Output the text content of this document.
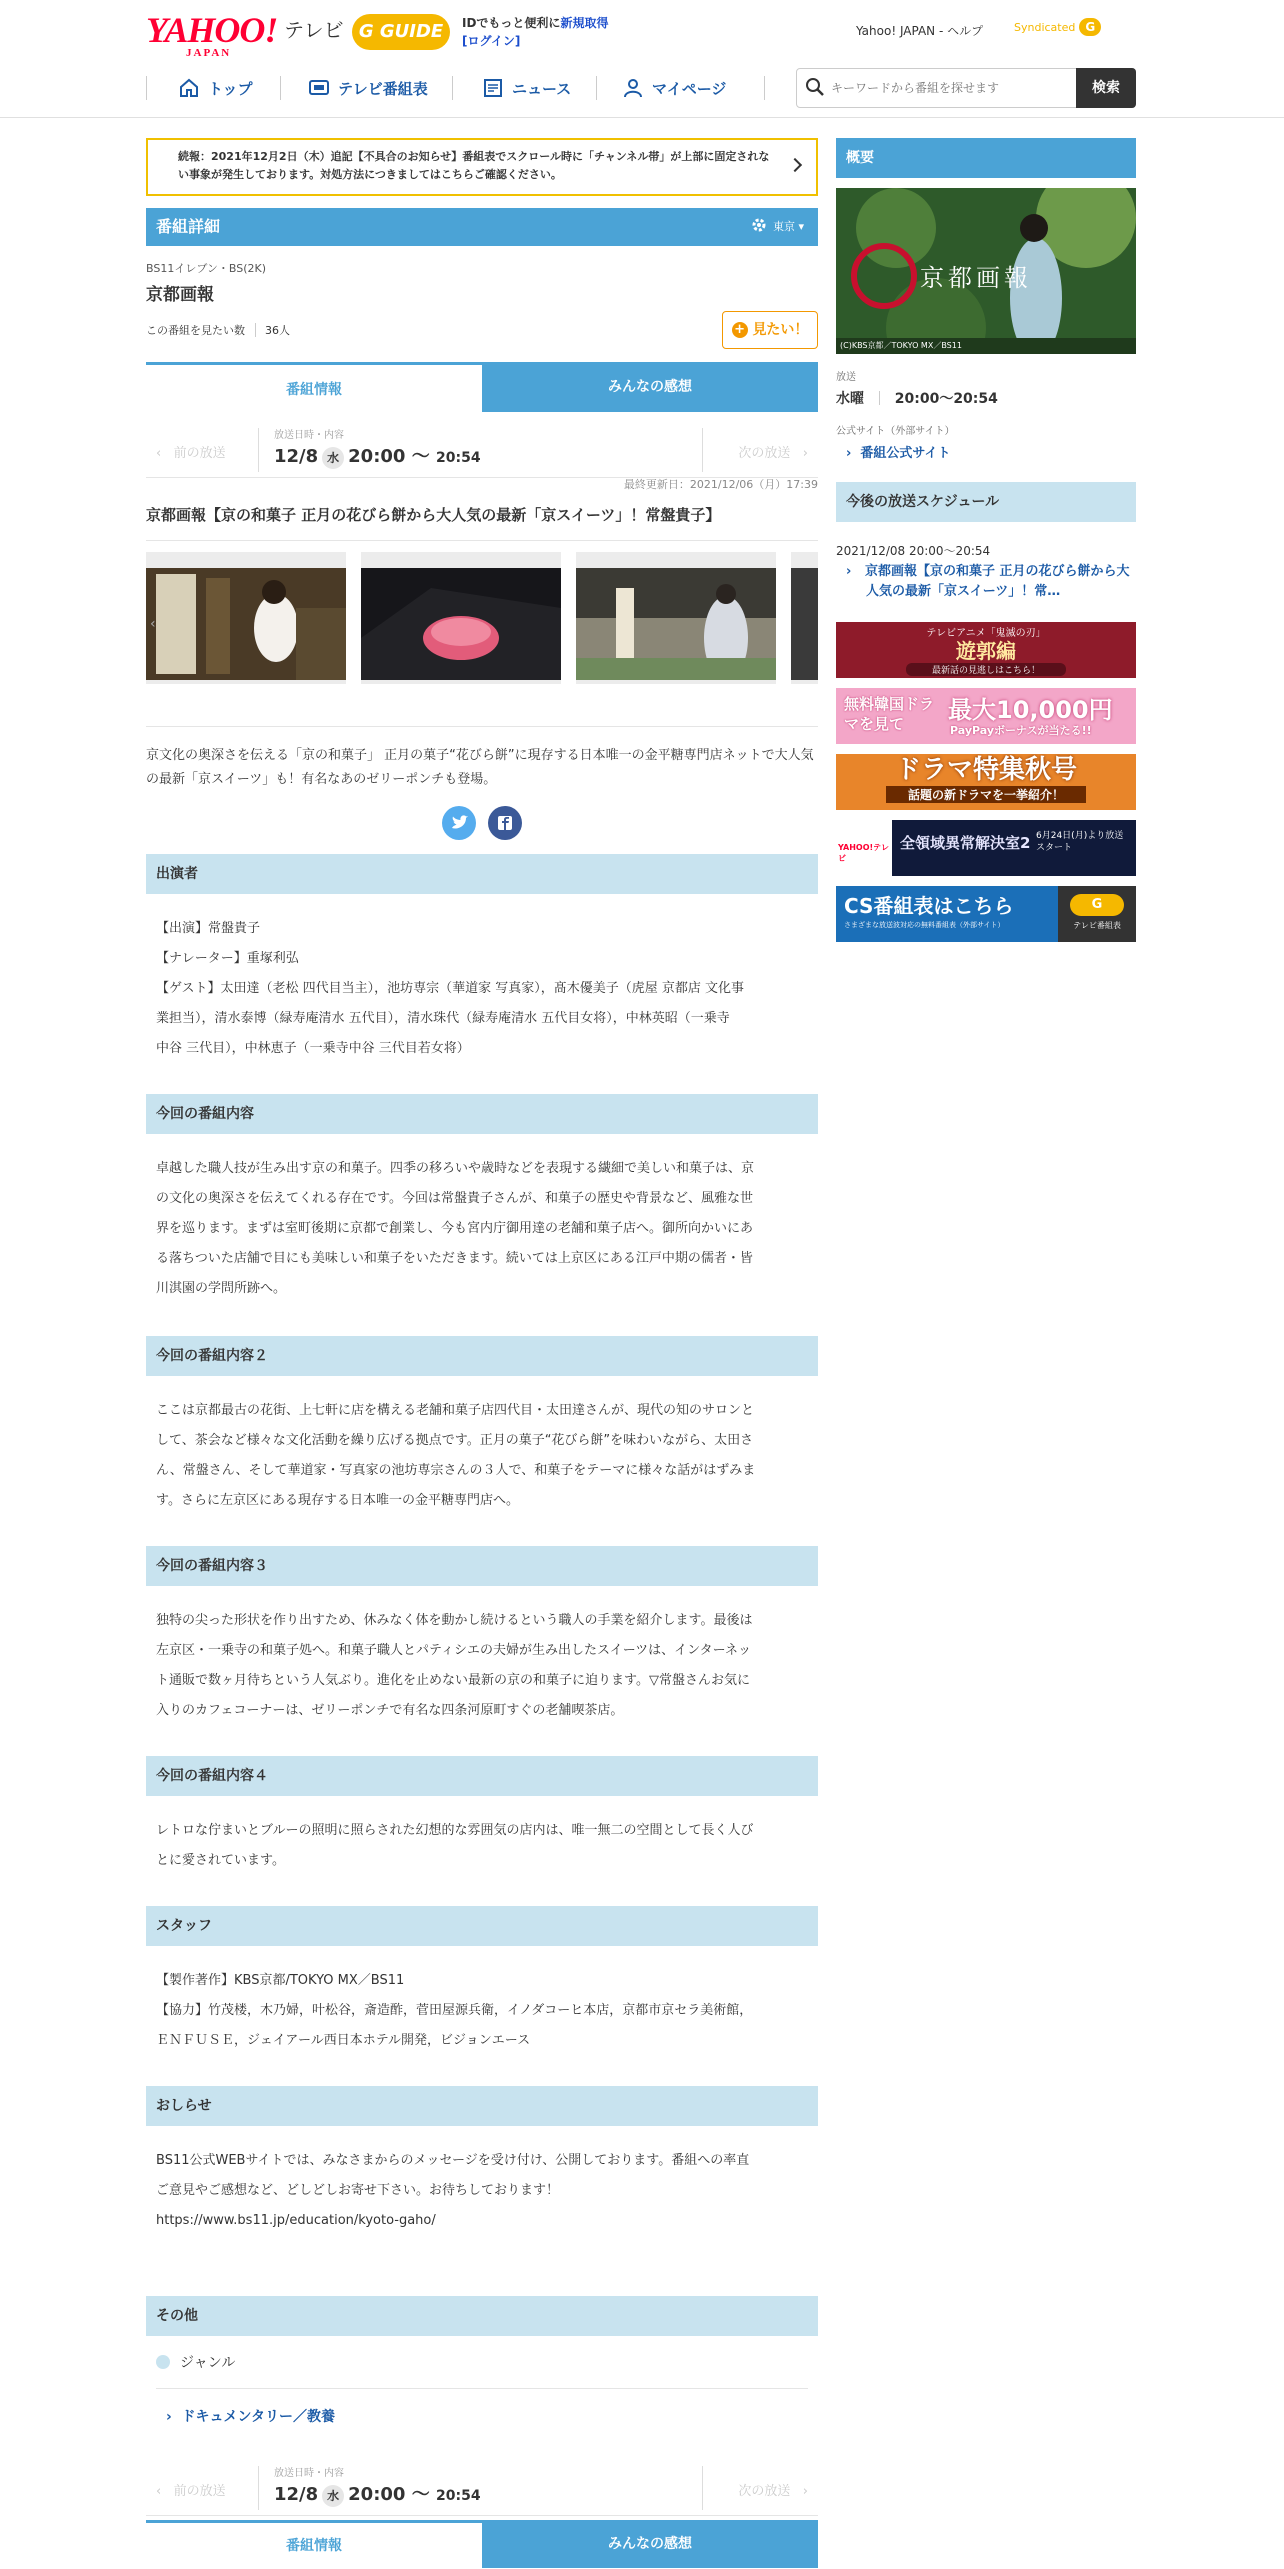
YAHOO!
JAPAN
テレビ G GUIDE	IDでもっと便利に新規取得
[ログイン]
Yahoo! JAPAN - ヘルプ	Syndicated G
トップ	テレビ番組表	ニュース	マイページ
キーワードから番組を探せます	検索
続報：2021年12月2日（木）追記【不具合のお知らせ】番組表でスクロール時に「チャンネル帯」が上部に固定されない事象が発生しております。対処方法につきましてはこちらご確認ください。
番組詳細	東京 ▾
BS11イレブン・BS(2K)
京都画報
この番組を見たい数 36人	+ 見たい！
番組情報	みんなの感想
‹   前の放送
放送日時・内容
12/8 水 20:00 〜 20:54	次の放送   ›
最終更新日：2021/12/06（月）17:39
京都画報【京の和菓子 正月の花びら餅から大人気の最新「京スイーツ」！常盤貴子】
‹
京文化の奥深さを伝える「京の和菓子」 正月の菓子“花びら餅”に現存する日本唯一の金平糖専門店ネットで大人気の最新「京スイーツ」も！有名なあのゼリーポンチも登場。
出演者
【出演】常盤貴子
【ナレーター】重塚利弘
【ゲスト】太田達（老松 四代目当主），池坊専宗（華道家 写真家），髙木優美子（虎屋 京都店 文化事
業担当），清水泰博（緑寿庵清水 五代目），清水珠代（緑寿庵清水 五代目女将），中林英昭（一乗寺
中谷 三代目），中林恵子（一乗寺中谷 三代目若女将）
今回の番組内容
卓越した職人技が生み出す京の和菓子。四季の移ろいや歳時などを表現する繊細で美しい和菓子は、京
の文化の奥深さを伝えてくれる存在です。今回は常盤貴子さんが、和菓子の歴史や背景など、風雅な世
界を巡ります。まずは室町後期に京都で創業し、今も宮内庁御用達の老舗和菓子店へ。御所向かいにあ
る落ちついた店舗で目にも美味しい和菓子をいただきます。続いては上京区にある江戸中期の儒者・皆
川淇園の学問所跡へ。
今回の番組内容２
ここは京都最古の花街、上七軒に店を構える老舗和菓子店四代目・太田達さんが、現代の知のサロンと
して、茶会など様々な文化活動を繰り広げる拠点です。正月の菓子“花びら餅”を味わいながら、太田さ
ん、常盤さん、そして華道家・写真家の池坊専宗さんの３人で、和菓子をテーマに様々な話がはずみま
す。さらに左京区にある現存する日本唯一の金平糖専門店へ。
今回の番組内容３
独特の尖った形状を作り出すため、休みなく体を動かし続けるという職人の手業を紹介します。最後は
左京区・一乗寺の和菓子処へ。和菓子職人とパティシエの夫婦が生み出したスイーツは、インターネッ
ト通販で数ヶ月待ちという人気ぶり。進化を止めない最新の京の和菓子に迫ります。▽常盤さんお気に
入りのカフェコーナーは、ゼリーポンチで有名な四条河原町すぐの老舗喫茶店。
今回の番組内容４
レトロな佇まいとブルーの照明に照らされた幻想的な雰囲気の店内は、唯一無二の空間として長く人び
とに愛されています。
スタッフ
【製作著作】KBS京都/TOKYO MX／BS11
【協力】竹茂楼，木乃婦，叶松谷，斎造酢，菅田屋源兵衛，イノダコーヒ本店，京都市京セラ美術館，
ＥＮＦＵＳＥ，ジェイアール西日本ホテル開発，ビジョンエース
おしらせ
BS11公式WEBサイトでは、みなさまからのメッセージを受け付け、公開しております。番組への率直
ご意見やご感想など、どしどしお寄せ下さい。お待ちしております！
https://www.bs11.jp/education/kyoto-gaho/
その他
ジャンル
› ドキュメンタリー／教養
‹   前の放送
放送日時・内容
12/8 水 20:00 〜 20:54	次の放送   ›
番組情報	みんなの感想
概要
京都画報
(C)KBS京都／TOKYO MX／BS11
放送
水曜 20:00〜20:54
公式サイト（外部サイト）
› 番組公式サイト
今後の放送スケジュール
2021/12/08 20:00〜20:54
› 京都画報【京の和菓子 正月の花びら餅から大人気の最新「京スイーツ」！常…
テレビアニメ「鬼滅の刃」
遊郭編
最新話の見逃しはこちら！
無料韓国ドラマを見て	最大10,000円
PayPayボーナスが当たる!!
ドラマ特集秋号
話題の新ドラマを一挙紹介！
YAHOO!テレビ
全領域異常解決室2 6月24日(月)より放送スタート
CS番組表はこちら
さまざまな放送波対応の無料番組表（外部サイト）
G
テレビ番組表
